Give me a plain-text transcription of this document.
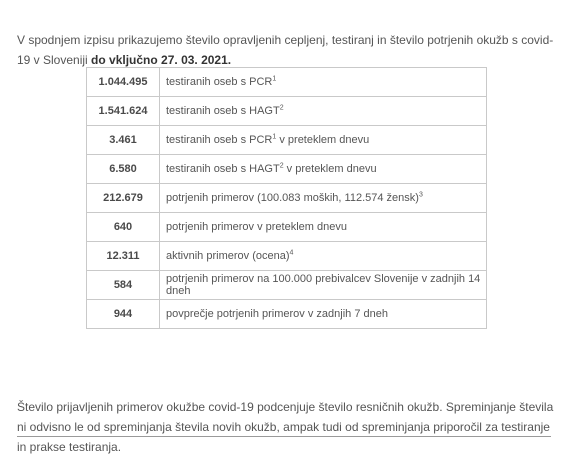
V spodnjem izpisu prikazujemo število opravljenih cepljenj, testiranj in število potrjenih okužb s covid-19 v Sloveniji do vključno 27. 03. 2021.

1.044.495	testiranih oseb s PCR$^1$
1.541.624	testiranih oseb s HAGT$^2$
3.461	testiranih oseb s PCR$^1$ v preteklem dnevu
6.580	testiranih oseb s HAGT$^2$ v preteklem dnevu
212.679	potrjenih primerov (100.083 moških, 112.574 žensk)$^3$
640	potrjenih primerov v preteklem dnevu
12.311	aktivnih primerov (ocena)$^4$
584	potrjenih primerov na 100.000 prebivalcev Slovenije v zadnjih 14 dneh
944	povprečje potrjenih primerov v zadnjih 7 dneh

Število prijavljenih primerov okužbe covid-19 podcenjuje število resničnih okužb. Spreminjanje števila ni odvisno le od spreminjanja števila novih okužb, ampak tudi od spreminjanja priporočil za testiranje in prakse testiranja.
